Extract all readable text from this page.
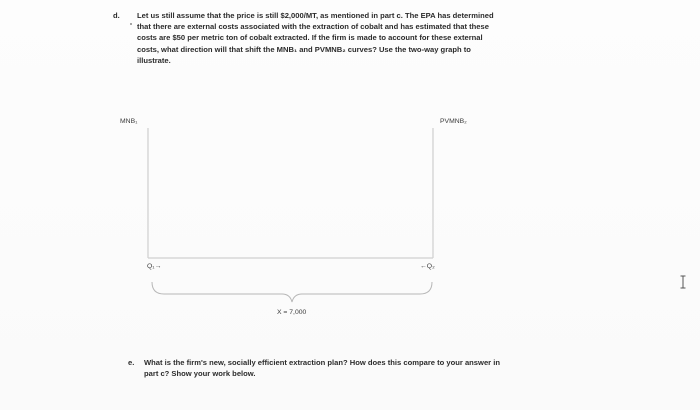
d. Let us still assume that the price is still $2,000/MT, as mentioned in part c. The EPA has determined that there are external costs associated with the extraction of cobalt and has estimated that these costs are $50 per metric ton of cobalt extracted. If the firm is made to account for these external costs, what direction will that shift the MNB₁ and PVMNB₂ curves? Use the two-way graph to illustrate.
MNB₁	PVMNB₂
Q₁→	←Q₂
X = 7,000
e. What is the firm's new, socially efficient extraction plan? How does this compare to your answer in part c? Show your work below.
